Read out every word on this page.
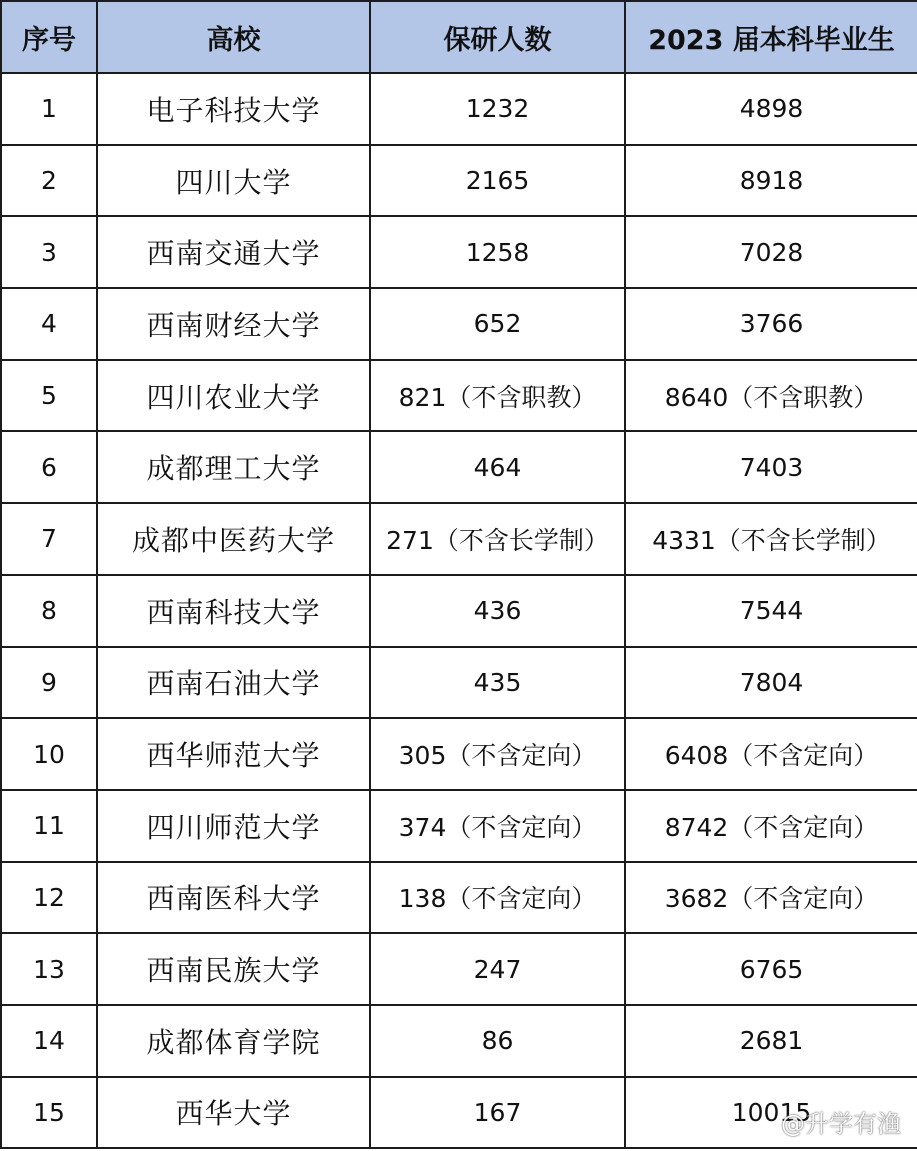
序号	高校	保研人数	2023 届本科毕业生
1	电子科技大学	1232	4898
2	四川大学	2165	8918
3	西南交通大学	1258	7028
4	西南财经大学	652	3766
5	四川农业大学	821（不含职教）	8640（不含职教）
6	成都理工大学	464	7403
7	成都中医药大学	271（不含长学制）	4331（不含长学制）
8	西南科技大学	436	7544
9	西南石油大学	435	7804
10	西华师范大学	305（不含定向）	6408（不含定向）
11	四川师范大学	374（不含定向）	8742（不含定向）
12	西南医科大学	138（不含定向）	3682（不含定向）
13	西南民族大学	247	6765
14	成都体育学院	86	2681
15	西华大学	167	10015
@升学有渔
